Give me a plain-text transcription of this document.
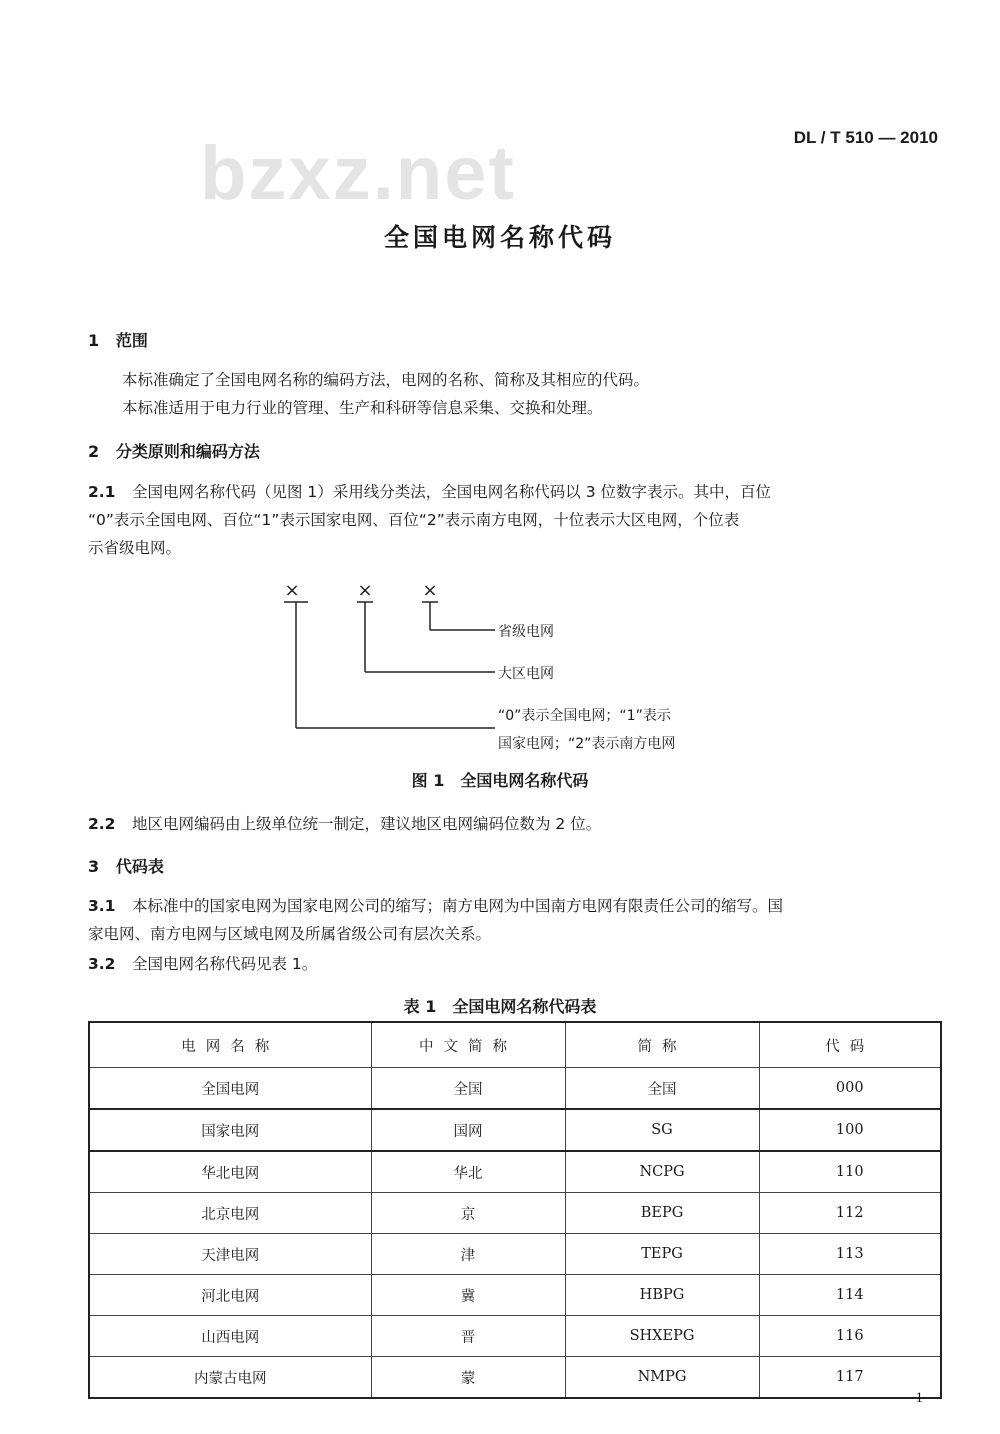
bzxz.net	DL / T 510 — 2010
全国电网名称代码
1 范围
本标准确定了全国电网名称的编码方法，电网的名称、简称及其相应的代码。
本标准适用于电力行业的管理、生产和科研等信息采集、交换和处理。
2 分类原则和编码方法
2.1 全国电网名称代码（见图 1）采用线分类法，全国电网名称代码以 3 位数字表示。其中，百位
“0”表示全国电网、百位“1”表示国家电网、百位“2”表示南方电网，十位表示大区电网，个位表
示省级电网。
×	×	×
省级电网
大区电网
“0”表示全国电网；“1”表示
国家电网；“2”表示南方电网
图 1　全国电网名称代码
2.2 地区电网编码由上级单位统一制定，建议地区电网编码位数为 2 位。
3 代码表
3.1 本标准中的国家电网为国家电网公司的缩写；南方电网为中国南方电网有限责任公司的缩写。国
家电网、南方电网与区域电网及所属省级公司有层次关系。
3.2 全国电网名称代码见表 1。
表 1　全国电网名称代码表
电网名称	中文简称	简称	代码
全国电网	全国	全国	000
国家电网	国网	SG	100
华北电网	华北	NCPG	110
北京电网	京	BEPG	112
天津电网	津	TEPG	113
河北电网	冀	HBPG	114
山西电网	晋	SHXEPG	116
内蒙古电网	蒙	NMPG	117
1
